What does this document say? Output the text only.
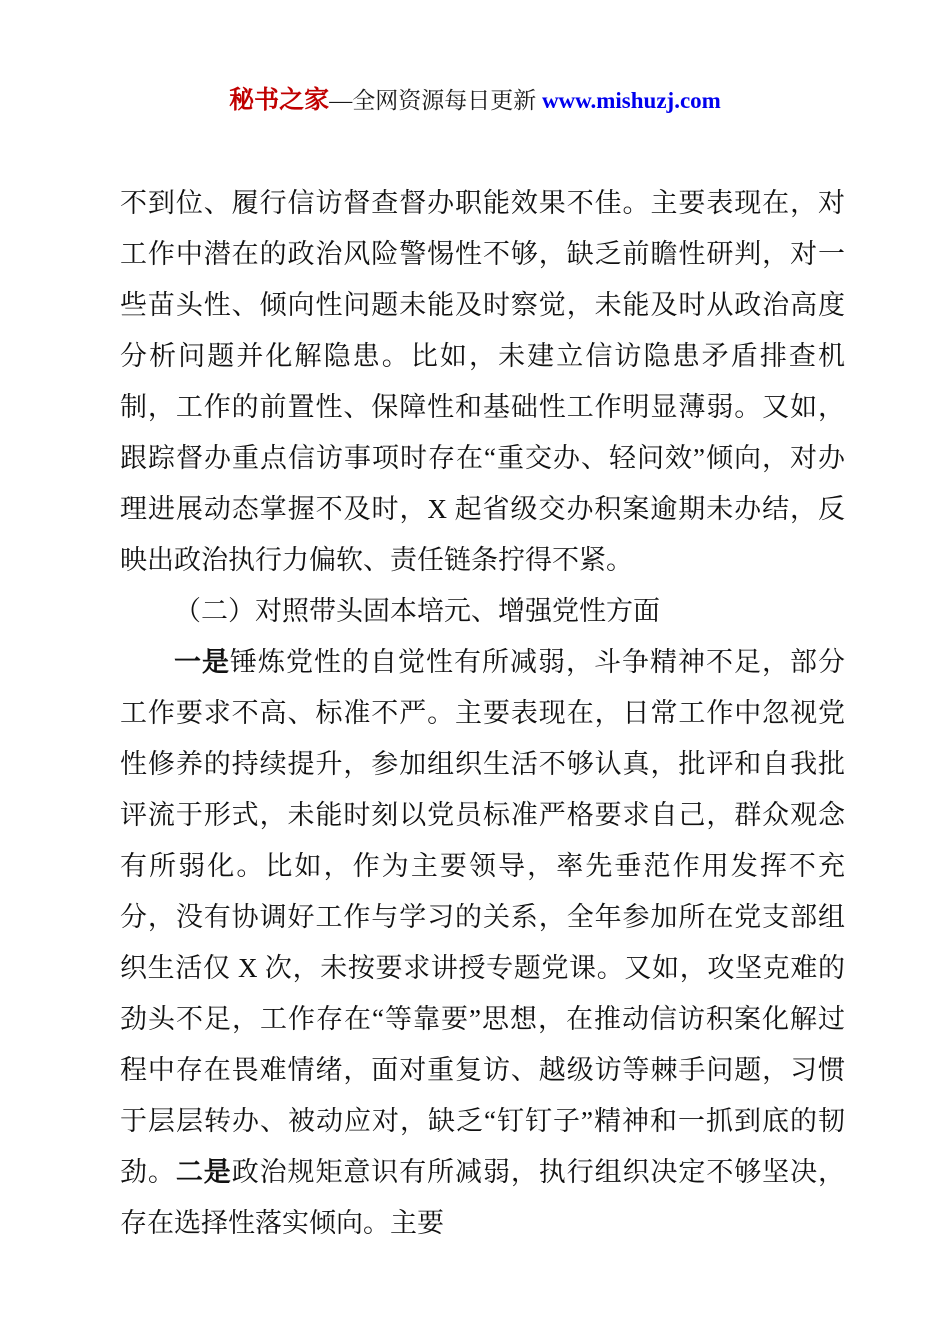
秘书之家—全网资源每日更新 www.mishuzj.com

不到位、履行信访督查督办职能效果不佳。主要表现在，对工作中潜在的政治风险警惕性不够，缺乏前瞻性研判，对一些苗头性、倾向性问题未能及时察觉，未能及时从政治高度分析问题并化解隐患。比如，未建立信访隐患矛盾排查机制，工作的前置性、保障性和基础性工作明显薄弱。又如，跟踪督办重点信访事项时存在“重交办、轻问效”倾向，对办理进展动态掌握不及时，X 起省级交办积案逾期未办结，反映出政治执行力偏软、责任链条拧得不紧。

（二）对照带头固本培元、增强党性方面

一是锤炼党性的自觉性有所减弱，斗争精神不足，部分工作要求不高、标准不严。主要表现在，日常工作中忽视党性修养的持续提升，参加组织生活不够认真，批评和自我批评流于形式，未能时刻以党员标准严格要求自己，群众观念有所弱化。比如，作为主要领导，率先垂范作用发挥不充分，没有协调好工作与学习的关系，全年参加所在党支部组织生活仅 X 次，未按要求讲授专题党课。又如，攻坚克难的劲头不足，工作存在“等靠要”思想，在推动信访积案化解过程中存在畏难情绪，面对重复访、越级访等棘手问题，习惯于层层转办、被动应对，缺乏“钉钉子”精神和一抓到底的韧劲。二是政治规矩意识有所减弱，执行组织决定不够坚决，存在选择性落实倾向。主要
